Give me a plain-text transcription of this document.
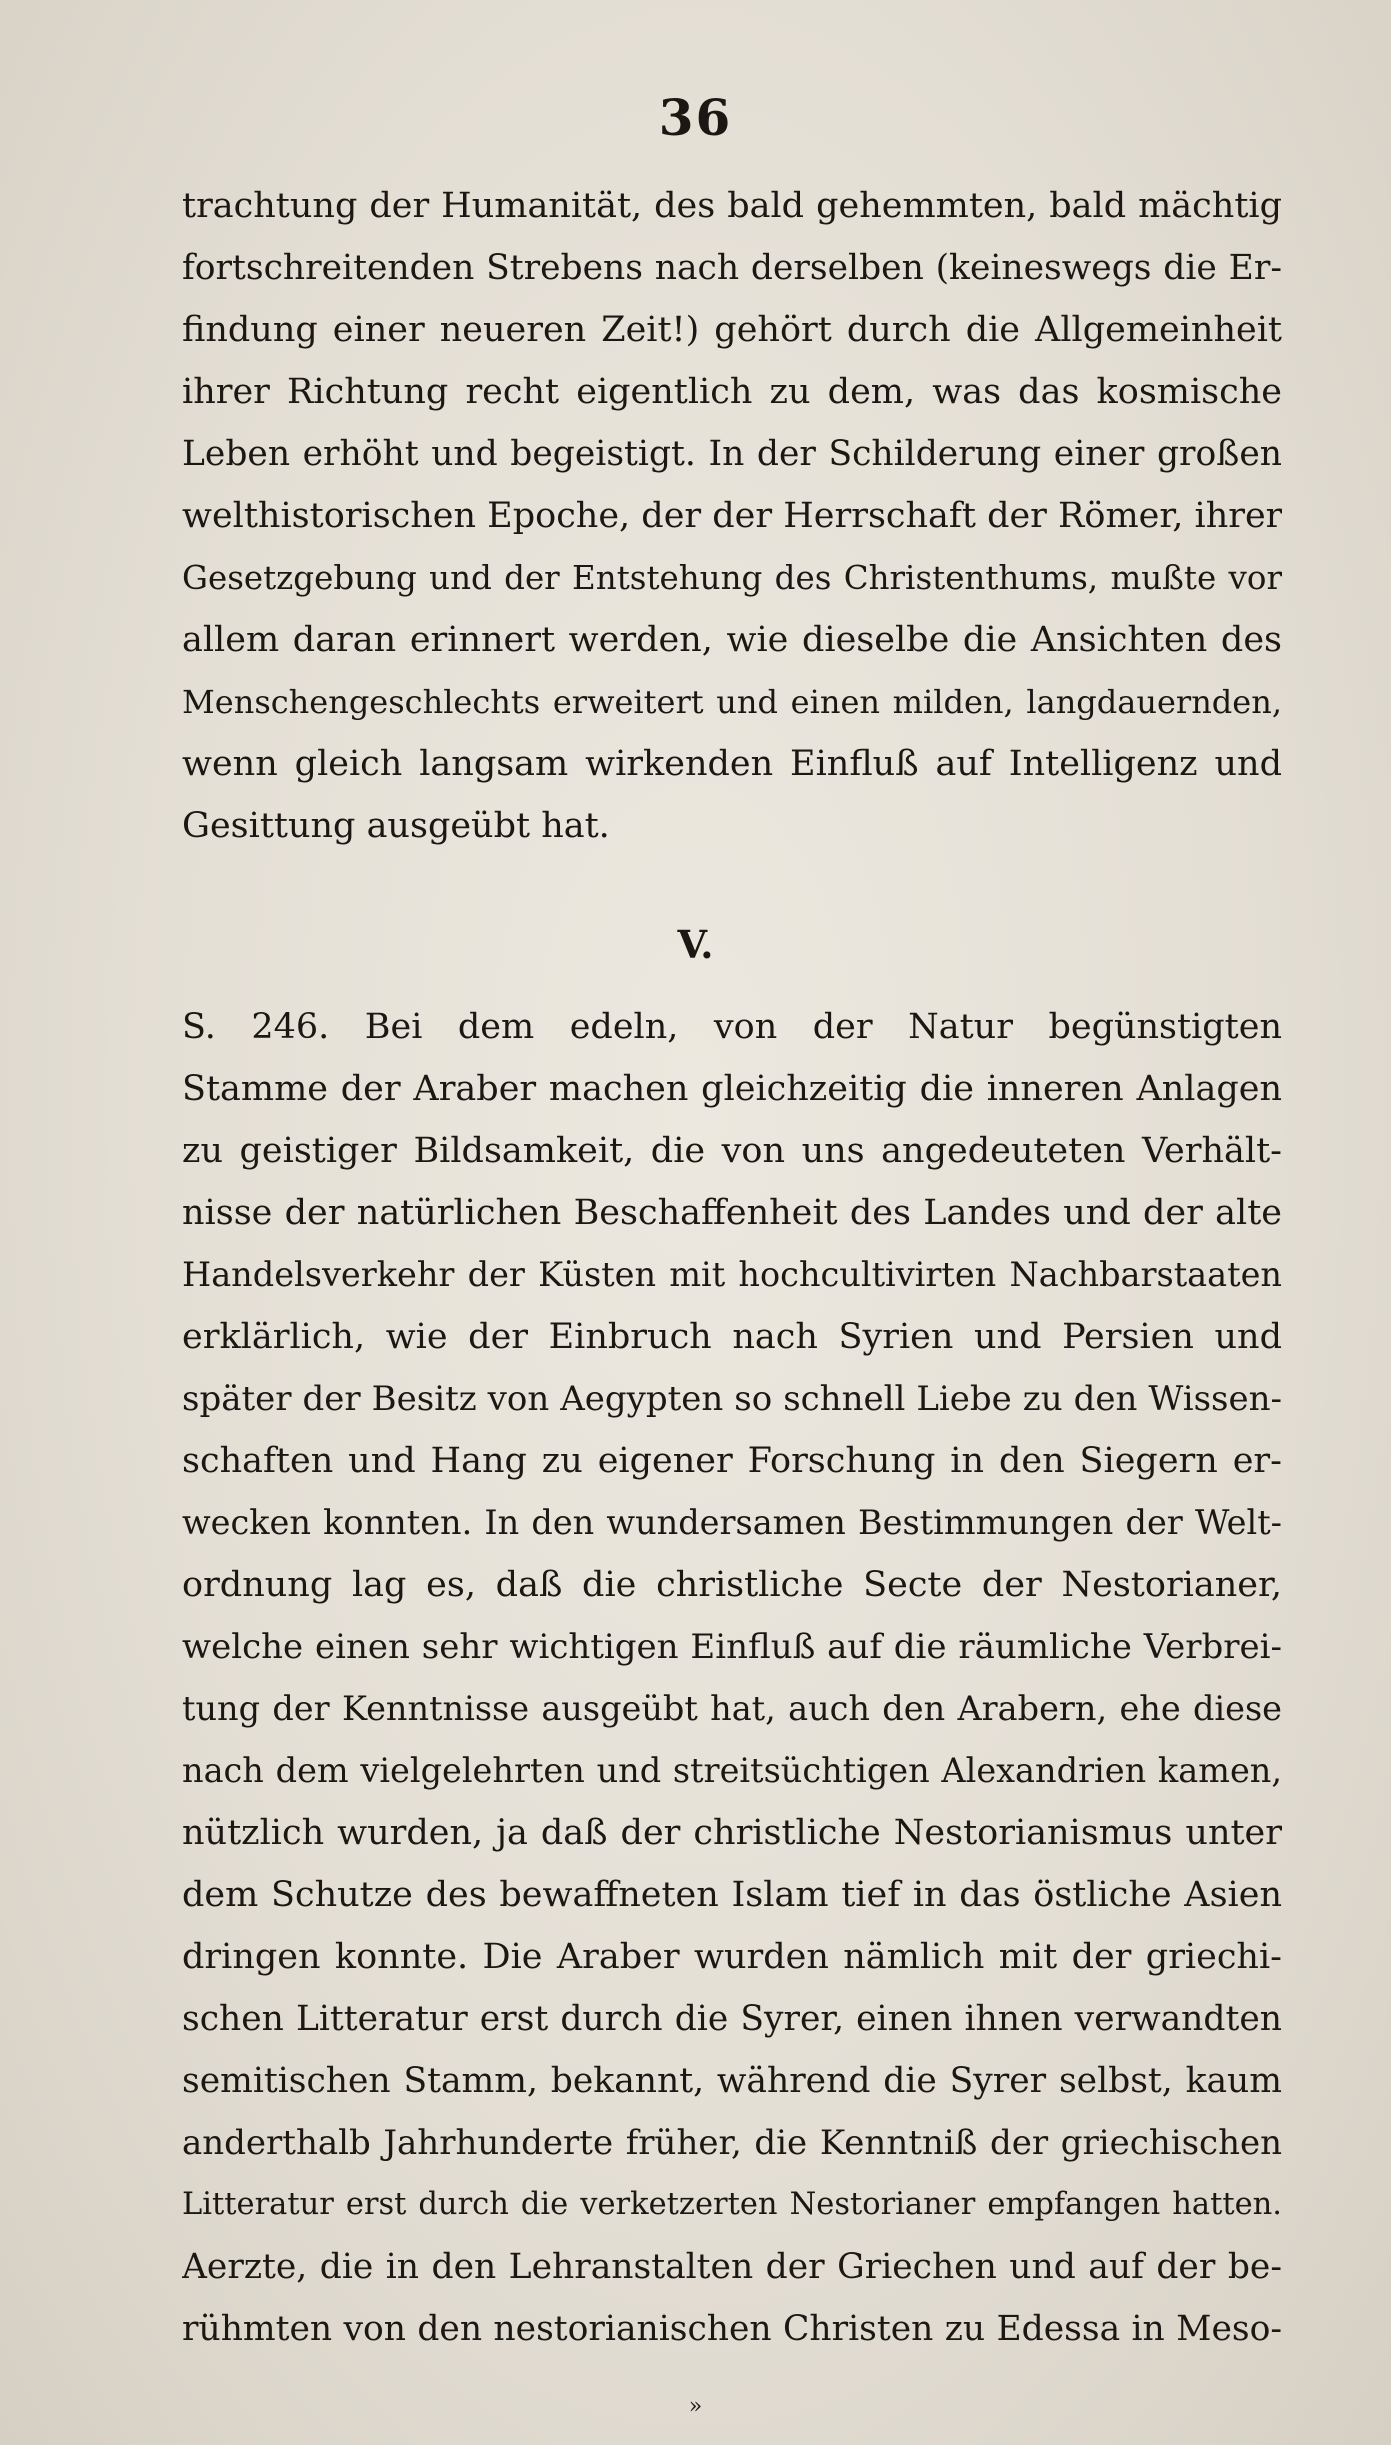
36
trachtung der Humanität, des bald gehemmten, bald mächtig
fortschreitenden Strebens nach derselben (keineswegs die Er-
findung einer neueren Zeit!) gehört durch die Allgemeinheit
ihrer Richtung recht eigentlich zu dem, was das kosmische
Leben erhöht und begeistigt. In der Schilderung einer großen
welthistorischen Epoche, der der Herrschaft der Römer, ihrer
Gesetzgebung und der Entstehung des Christenthums, mußte vor
allem daran erinnert werden, wie dieselbe die Ansichten des
Menschengeschlechts erweitert und einen milden, langdauernden,
wenn gleich langsam wirkenden Einfluß auf Intelligenz und
Gesittung ausgeübt hat.
V.
S. 246. Bei dem edeln, von der Natur begünstigten
Stamme der Araber machen gleichzeitig die inneren Anlagen
zu geistiger Bildsamkeit, die von uns angedeuteten Verhält-
nisse der natürlichen Beschaffenheit des Landes und der alte
Handelsverkehr der Küsten mit hochcultivirten Nachbarstaaten
erklärlich, wie der Einbruch nach Syrien und Persien und
später der Besitz von Aegypten so schnell Liebe zu den Wissen-
schaften und Hang zu eigener Forschung in den Siegern er-
wecken konnten. In den wundersamen Bestimmungen der Welt-
ordnung lag es, daß die christliche Secte der Nestorianer,
welche einen sehr wichtigen Einfluß auf die räumliche Verbrei-
tung der Kenntnisse ausgeübt hat, auch den Arabern, ehe diese
nach dem vielgelehrten und streitsüchtigen Alexandrien kamen,
nützlich wurden, ja daß der christliche Nestorianismus unter
dem Schutze des bewaffneten Islam tief in das östliche Asien
dringen konnte. Die Araber wurden nämlich mit der griechi-
schen Litteratur erst durch die Syrer, einen ihnen verwandten
semitischen Stamm, bekannt, während die Syrer selbst, kaum
anderthalb Jahrhunderte früher, die Kenntniß der griechischen
Litteratur erst durch die verketzerten Nestorianer empfangen hatten.
Aerzte, die in den Lehranstalten der Griechen und auf der be-
rühmten von den nestorianischen Christen zu Edessa in Meso-
»
